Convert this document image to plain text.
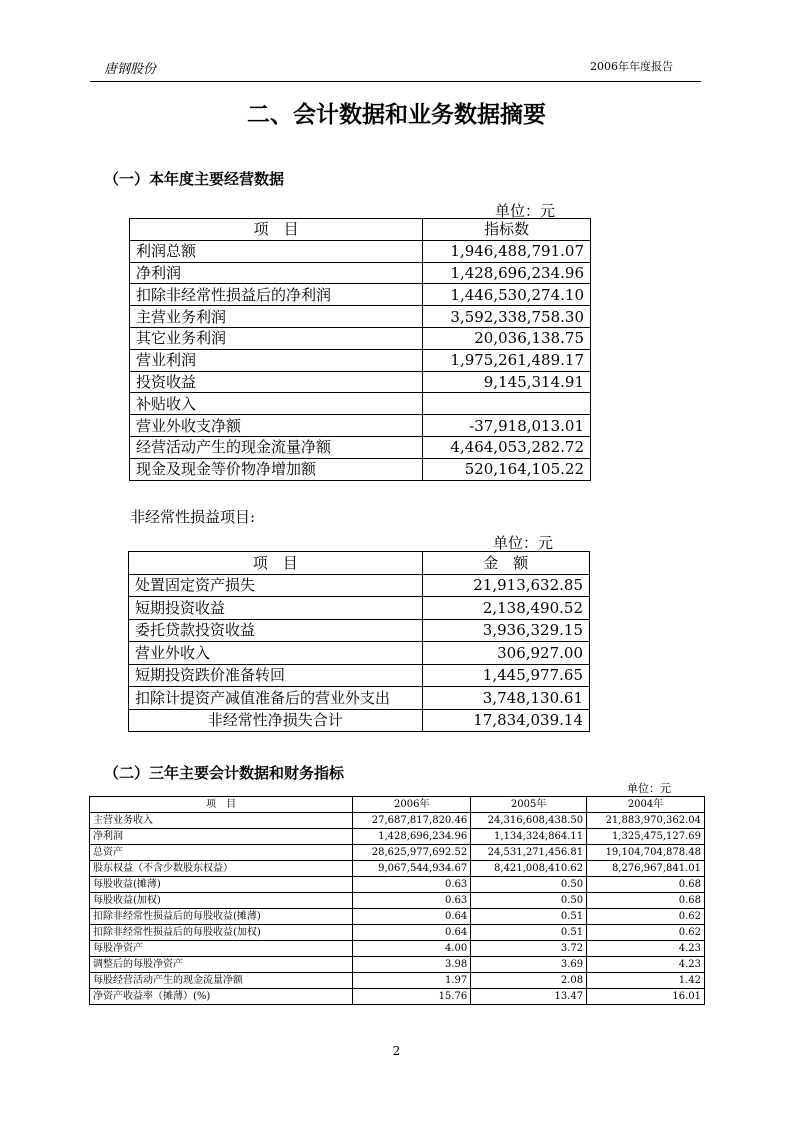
唐钢股份	2006年年度报告
二、会计数据和业务数据摘要
（一）本年度主要经营数据
单位：元
项　目	指标数
利润总额	1,946,488,791.07
净利润	1,428,696,234.96
扣除非经常性损益后的净利润	1,446,530,274.10
主营业务利润	3,592,338,758.30
其它业务利润	20,036,138.75
营业利润	1,975,261,489.17
投资收益	9,145,314.91
补贴收入	
营业外收支净额	-37,918,013.01
经营活动产生的现金流量净额	4,464,053,282.72
现金及现金等价物净增加额	520,164,105.22
非经常性损益项目:
单位：元
项　目	金　额
处置固定资产损失	21,913,632.85
短期投资收益	2,138,490.52
委托贷款投资收益	3,936,329.15
营业外收入	306,927.00
短期投资跌价准备转回	1,445,977.65
扣除计提资产减值准备后的营业外支出	3,748,130.61
非经常性净损失合计	17,834,039.14
（二）三年主要会计数据和财务指标
单位：元
项　目	2006年	2005年	2004年
主营业务收入	27,687,817,820.46	24,316,608,438.50	21,883,970,362.04
净利润	1,428,696,234.96	1,134,324,864.11	1,325,475,127.69
总资产	28,625,977,692.52	24,531,271,456.81	19,104,704,878.48
股东权益（不含少数股东权益）	9,067,544,934.67	8,421,008,410.62	8,276,967,841.01
每股收益(摊薄)	0.63	0.50	0.68
每股收益(加权)	0.63	0.50	0.68
扣除非经常性损益后的每股收益(摊薄)	0.64	0.51	0.62
扣除非经常性损益后的每股收益(加权)	0.64	0.51	0.62
每股净资产	4.00	3.72	4.23
调整后的每股净资产	3.98	3.69	4.23
每股经营活动产生的现金流量净额	1.97	2.08	1.42
净资产收益率（摊薄）(%)	15.76	13.47	16.01
2
